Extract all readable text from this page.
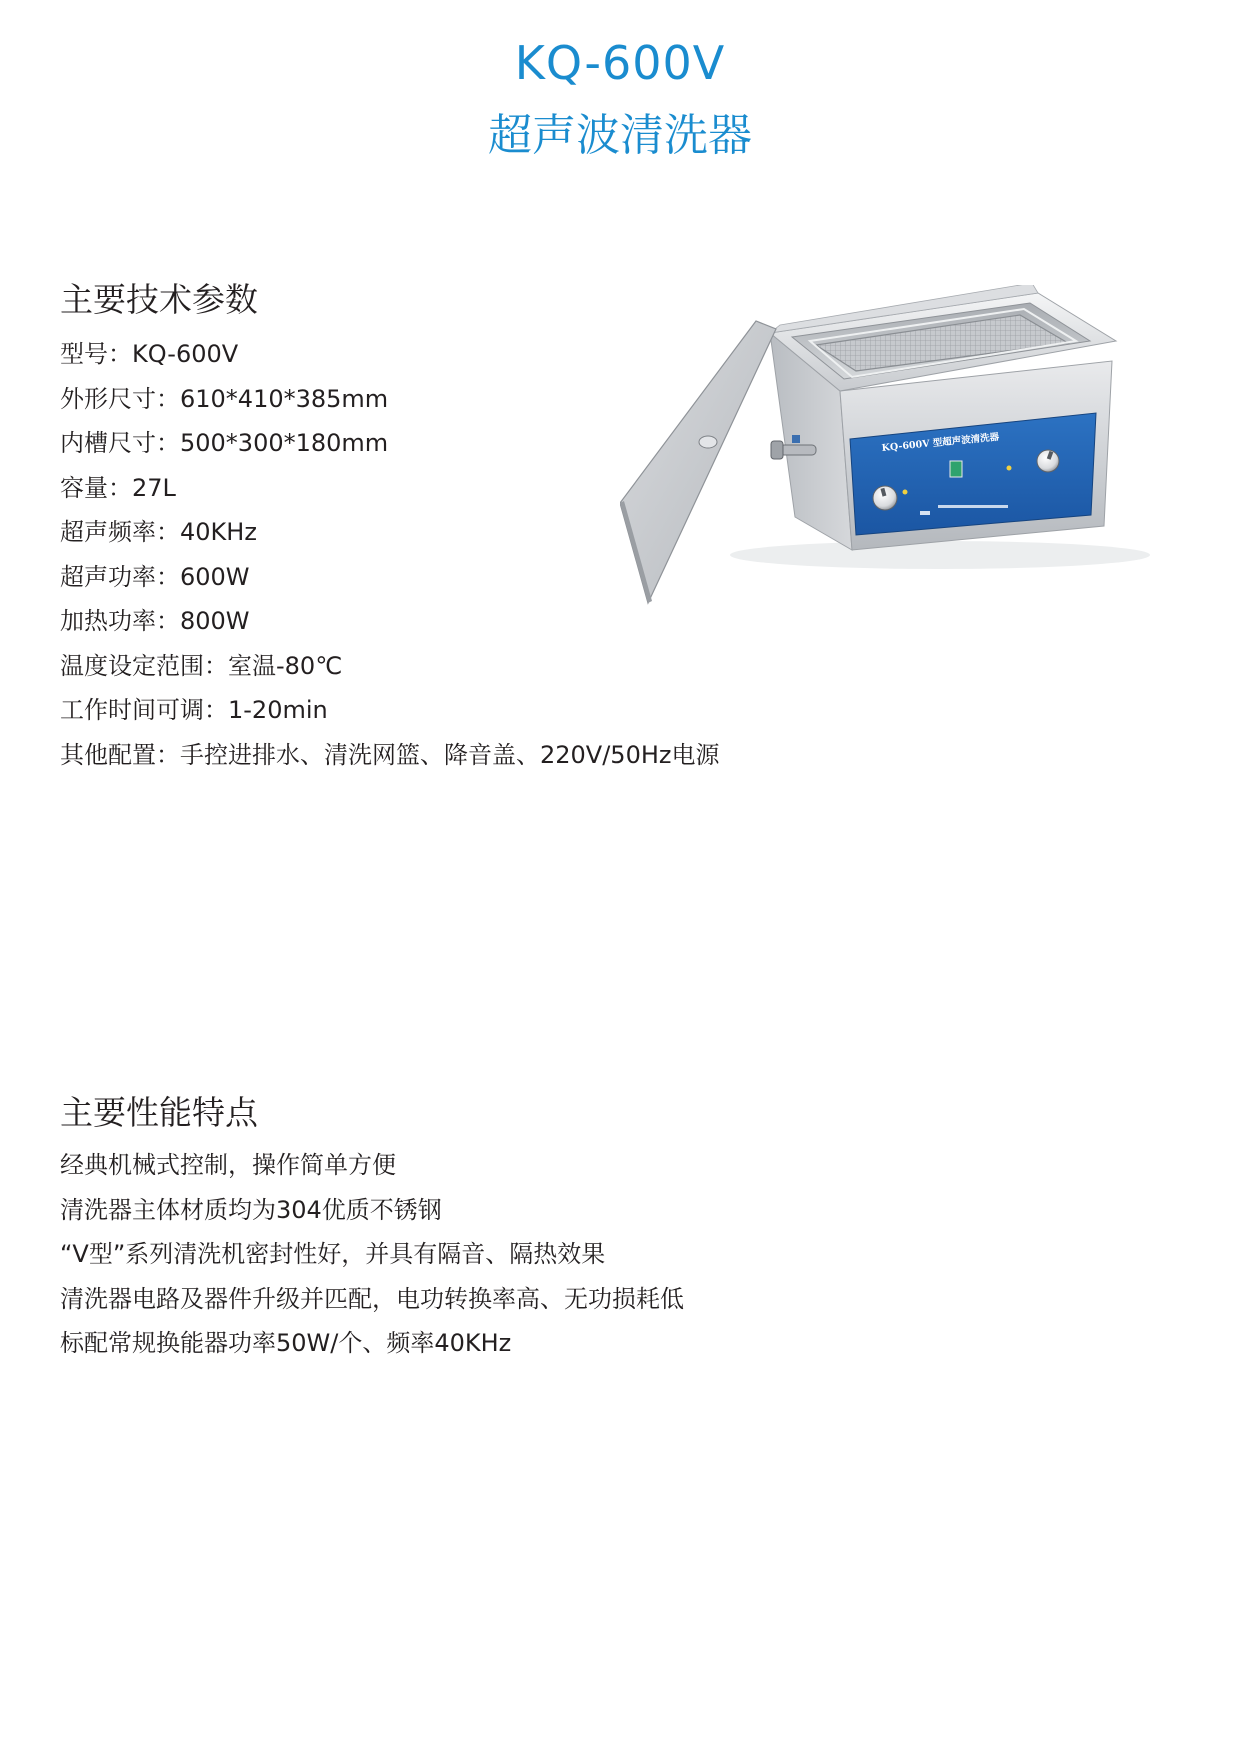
KQ-600V
超声波清洗器
主要技术参数
型号：KQ-600V
外形尺寸：610*410*385mm
内槽尺寸：500*300*180mm
容量：27L
超声频率：40KHz
超声功率：600W
加热功率：800W
温度设定范围：室温-80℃
工作时间可调：1-20min
其他配置：手控进排水、清洗网篮、降音盖、220V/50Hz电源
主要性能特点
经典机械式控制，操作简单方便
清洗器主体材质均为304优质不锈钢
“V型”系列清洗机密封性好，并具有隔音、隔热效果
清洗器电路及器件升级并匹配，电功转换率高、无功损耗低
标配常规换能器功率50W/个、频率40KHz
KQ-600V 型超声波清洗器
